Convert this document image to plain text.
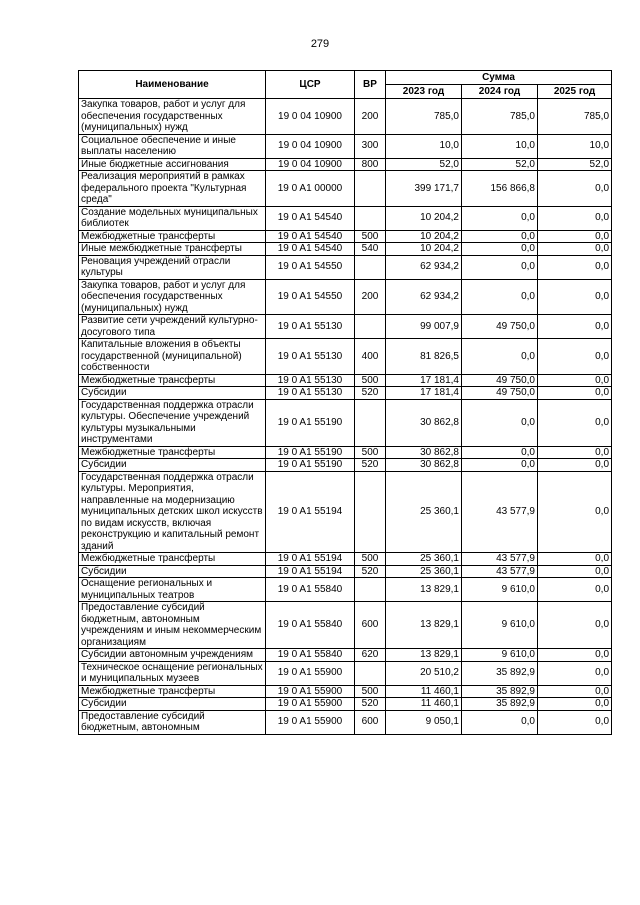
279
Наименование	ЦСР	ВР	Сумма		
			2023 год	2024 год	2025 год
Закупка товаров, работ и услуг для обеспечения государственных (муниципальных) нужд	19 0 04 10900	200	785,0	785,0	785,0
Социальное обеспечение и иные выплаты населению	19 0 04 10900	300	10,0	10,0	10,0
Иные бюджетные ассигнования	19 0 04 10900	800	52,0	52,0	52,0
Реализация мероприятий в рамках федерального проекта "Культурная среда"	19 0 A1 00000		399 171,7	156 866,8	0,0
Создание модельных муниципальных библиотек	19 0 A1 54540		10 204,2	0,0	0,0
Межбюджетные трансферты	19 0 A1 54540	500	10 204,2	0,0	0,0
Иные межбюджетные трансферты	19 0 A1 54540	540	10 204,2	0,0	0,0
Реновация учреждений отрасли культуры	19 0 A1 54550		62 934,2	0,0	0,0
Закупка товаров, работ и услуг для обеспечения государственных (муниципальных) нужд	19 0 A1 54550	200	62 934,2	0,0	0,0
Развитие сети учреждений культурно-досугового типа	19 0 A1 55130		99 007,9	49 750,0	0,0
Капитальные вложения в объекты государственной (муниципальной) собственности	19 0 A1 55130	400	81 826,5	0,0	0,0
Межбюджетные трансферты	19 0 A1 55130	500	17 181,4	49 750,0	0,0
Субсидии	19 0 A1 55130	520	17 181,4	49 750,0	0,0
Государственная поддержка отрасли культуры. Обеспечение учреждений культуры музыкальными инструментами	19 0 A1 55190		30 862,8	0,0	0,0
Межбюджетные трансферты	19 0 A1 55190	500	30 862,8	0,0	0,0
Субсидии	19 0 A1 55190	520	30 862,8	0,0	0,0
Государственная поддержка отрасли культуры. Мероприятия, направленные на модернизацию муниципальных детских школ искусств по видам искусств, включая реконструкцию и капитальный ремонт зданий	19 0 A1 55194		25 360,1	43 577,9	0,0
Межбюджетные трансферты	19 0 A1 55194	500	25 360,1	43 577,9	0,0
Субсидии	19 0 A1 55194	520	25 360,1	43 577,9	0,0
Оснащение региональных и муниципальных театров	19 0 A1 55840		13 829,1	9 610,0	0,0
Предоставление субсидий бюджетным, автономным учреждениям и иным некоммерческим организациям	19 0 A1 55840	600	13 829,1	9 610,0	0,0
Субсидии автономным учреждениям	19 0 A1 55840	620	13 829,1	9 610,0	0,0
Техническое оснащение региональных и муниципальных музеев	19 0 A1 55900		20 510,2	35 892,9	0,0
Межбюджетные трансферты	19 0 A1 55900	500	11 460,1	35 892,9	0,0
Субсидии	19 0 A1 55900	520	11 460,1	35 892,9	0,0
Предоставление субсидий бюджетным, автономным	19 0 A1 55900	600	9 050,1	0,0	0,0
